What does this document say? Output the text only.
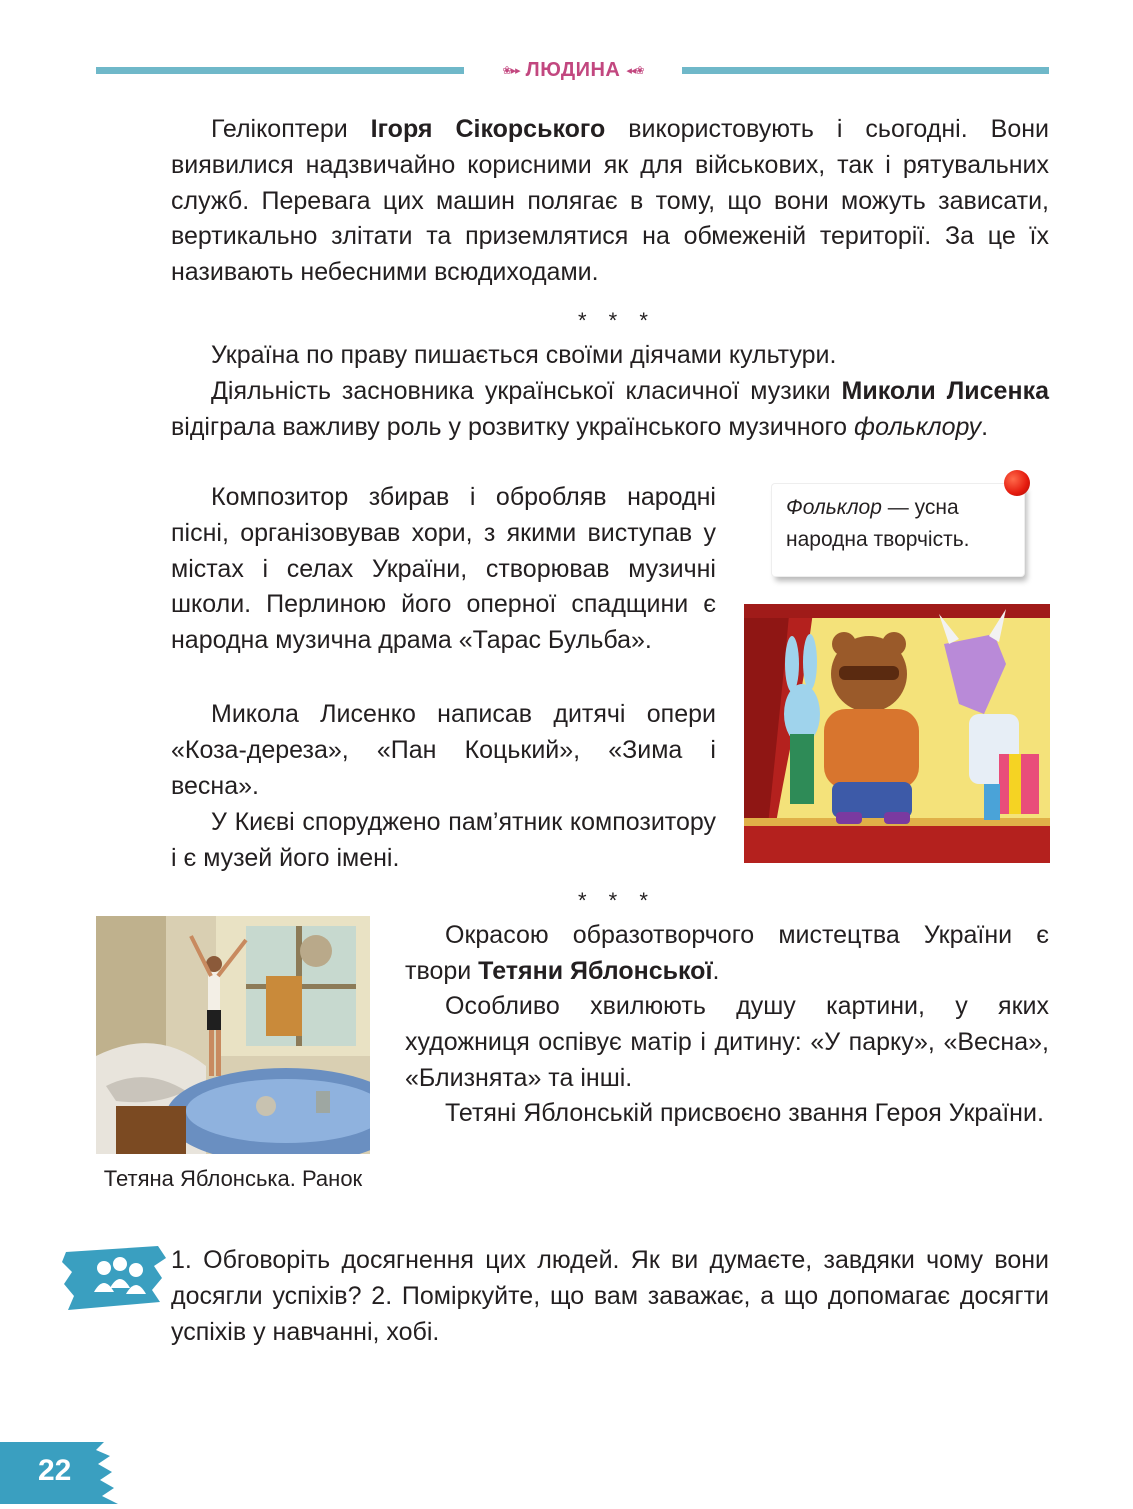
❀▸▸ ЛЮДИНА ◂◂❀

Гелікоптери Ігоря Сікорського використовують і сьогодні. Вони виявилися надзвичайно корисними як для військових, так і рятувальних служб. Перевага цих машин полягає в тому, що вони можуть зависати, вертикально злітати та приземлятися на обмеженій території. За це їх називають небесними всюдиходами.

* * *

Україна по праву пишається своїми діячами культури.

Діяльність засновника української класичної музики Миколи Лисенка відіграла важливу роль у розвитку українського музичного фольклору.

Композитор збирав і обробляв народні пісні, організовував хори, з якими виступав у містах і селах України, створював музичні школи. Перлиною його оперної спадщини є народна музична драма «Тарас Бульба».

Микола Лисенко написав дитячі опери «Коза-дереза», «Пан Коцький», «Зима і весна».

У Києві споруджено пам’ятник композитору і є музей його імені.

Фольклор — усна народна творчість.
* * *
Тетяна Яблонська. Ранок

Окрасою образотворчого мистецтва України є твори Тетяни Яблонської.

Особливо хвилюють душу картини, у яких художниця оспівує матір і дитину: «У парку», «Весна», «Близнята» та інші.

Тетяні Яблонській присвоєно звання Героя України.

1. Обговоріть досягнення цих людей. Як ви думаєте, завдяки чому вони досягли успіхів? 2. Поміркуйте, що вам заважає, а що допомагає досягти успіхів у навчанні, хобі.

22
